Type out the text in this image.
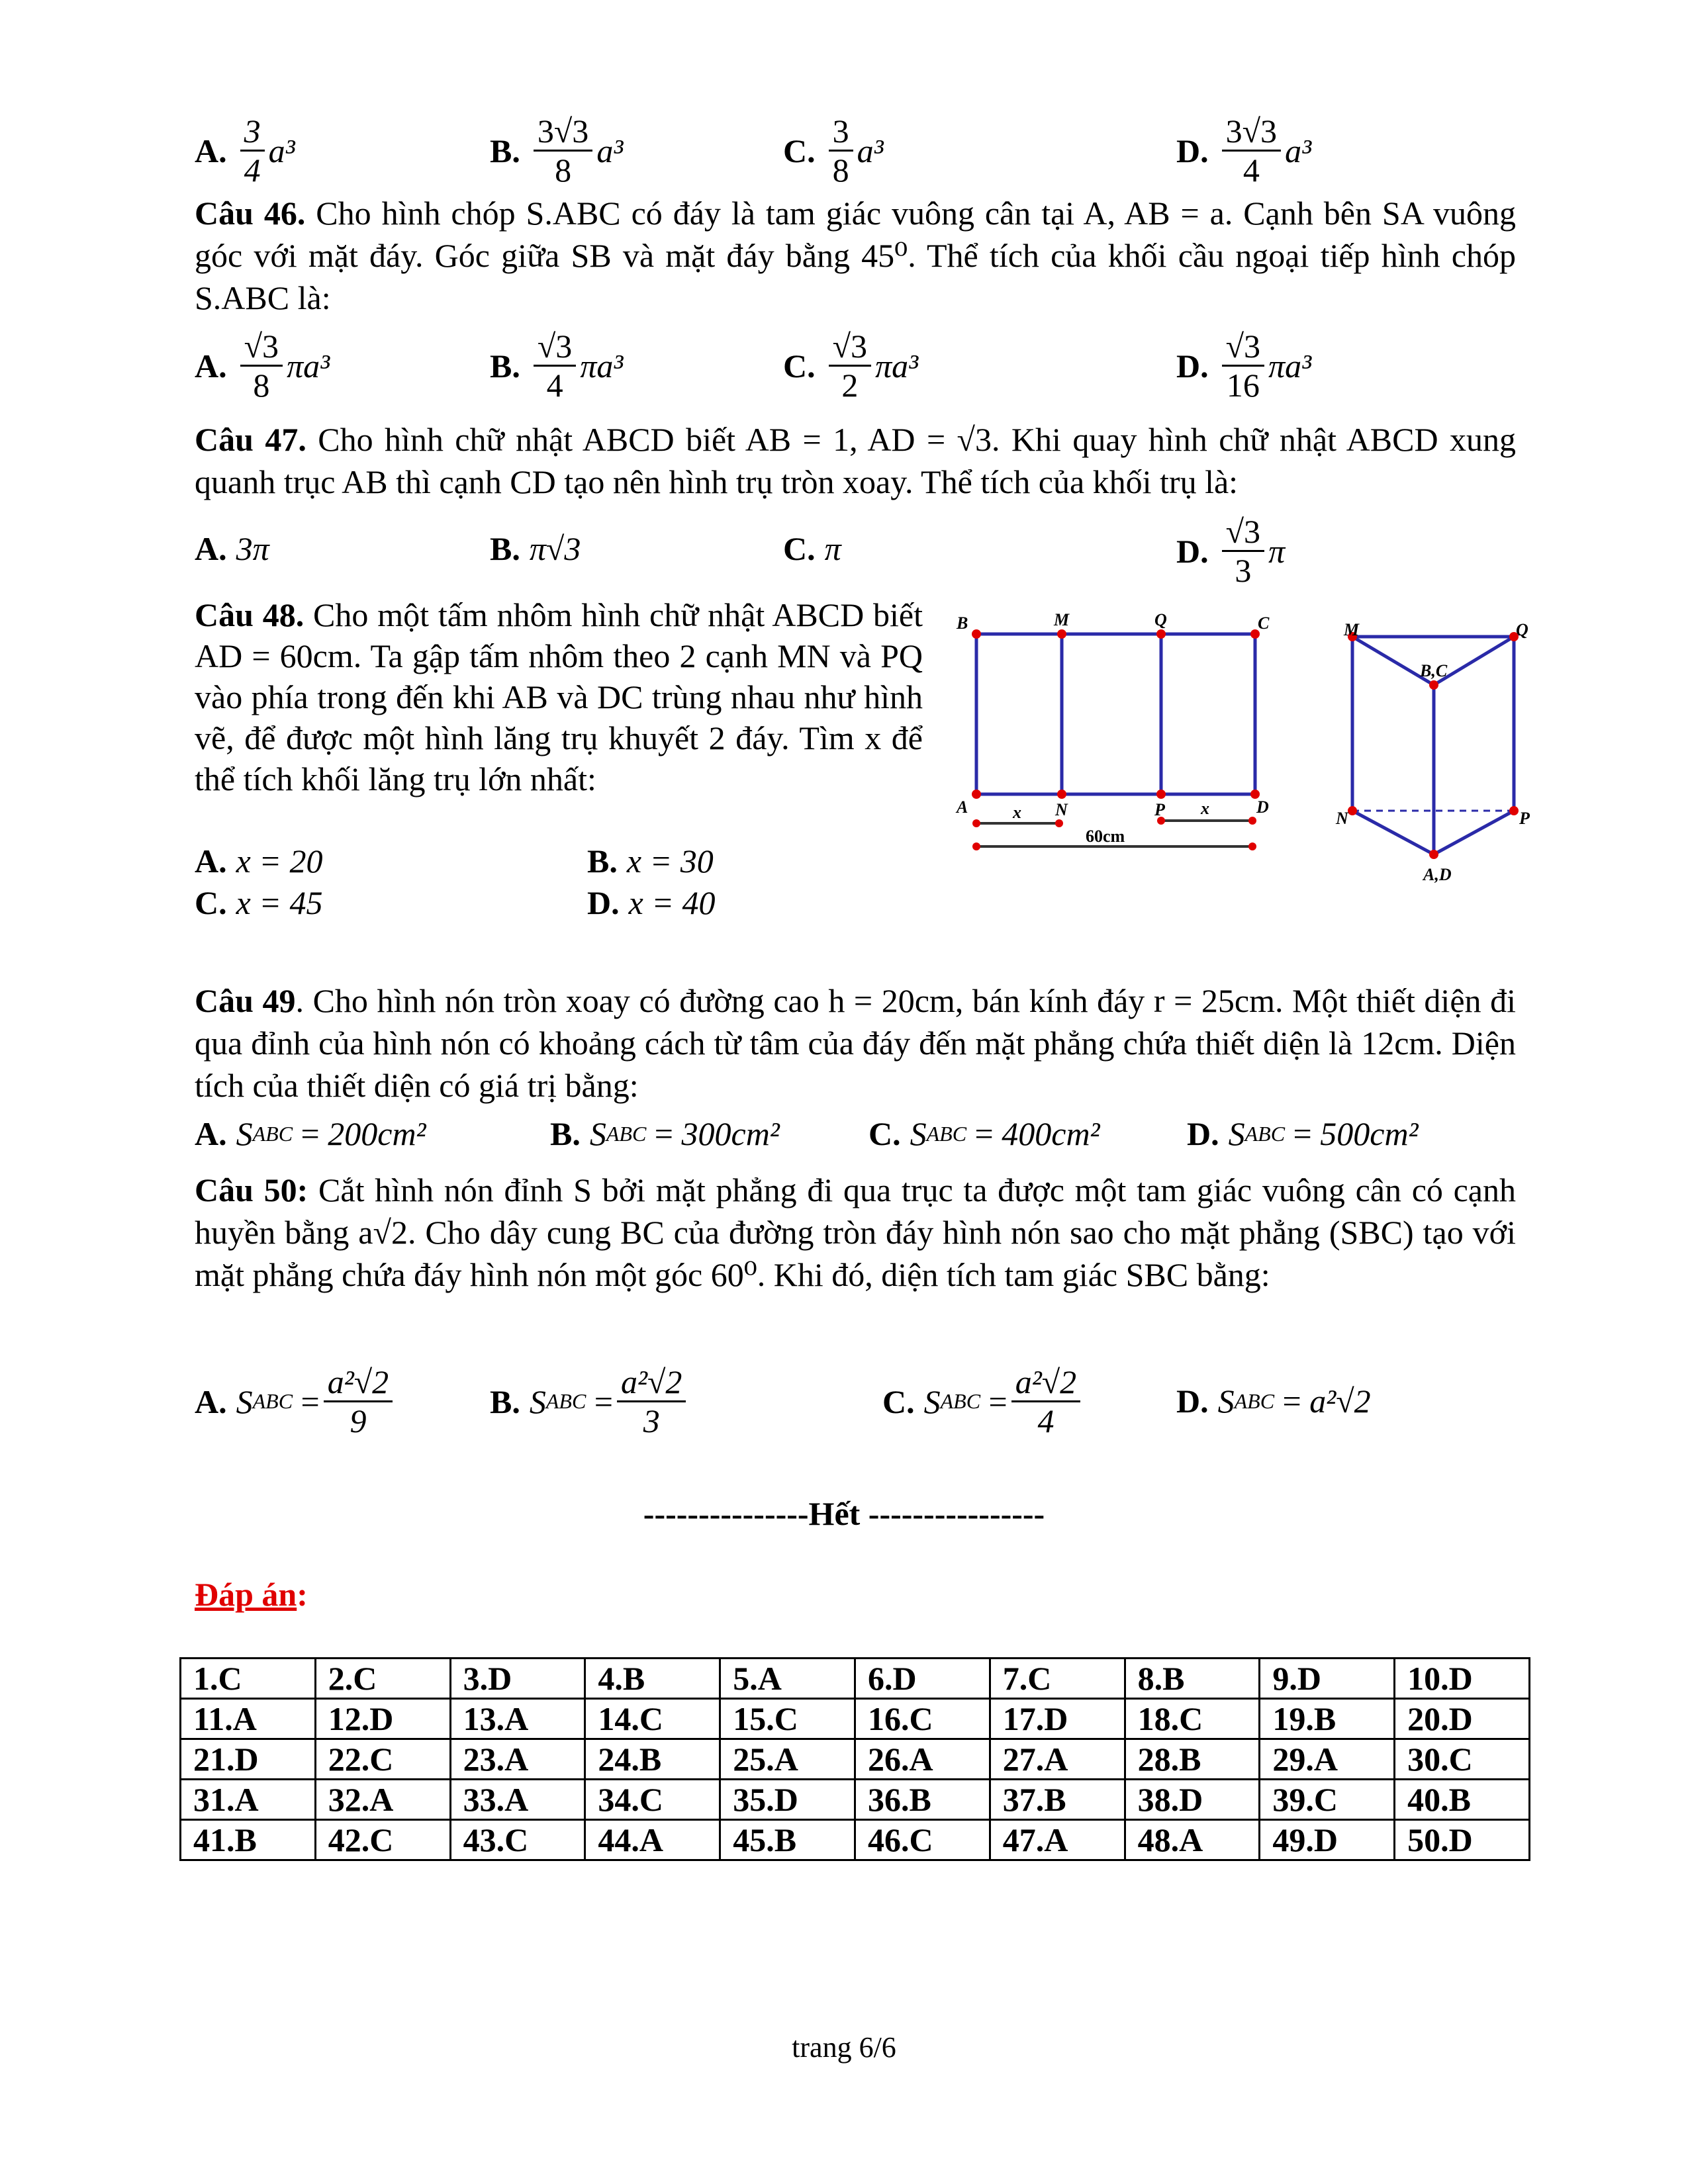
A. $\frac{3}{4} a^3$	B. $\frac{3√3}{8} a^3$	C. $\frac{3}{8} a^3$	D. $\frac{3√3}{4} a^3$
Câu 46. Cho hình chóp S.ABC có đáy là tam giác vuông cân tại A, AB = a. Cạnh bên SA vuông góc với mặt đáy. Góc giữa SB và mặt đáy bằng 45⁰. Thể tích của khối cầu ngoại tiếp hình chóp S.ABC là:
A. $\frac{√3}{8} \pi a^3$	B. $\frac{√3}{4} \pi a^3$	C. $\frac{√3}{2} \pi a^3$	D. $\frac{√3}{16} \pi a^3$
Câu 47. Cho hình chữ nhật ABCD biết AB = 1, AD = √3. Khi quay hình chữ nhật ABCD xung quanh trục AB thì cạnh CD tạo nên hình trụ tròn xoay. Thể tích của khối trụ là:
A. 3π	B. π√3	C. π	D. $\frac{√3}{3}$ π
Câu 48. Cho một tấm nhôm hình chữ nhật ABCD biết AD = 60cm. Ta gập tấm nhôm theo 2 cạnh MN và PQ vào phía trong đến khi AB và DC trùng nhau như hình vẽ, để được một hình lăng trụ khuyết 2 đáy. Tìm x để thể tích khối lăng trụ lớn nhất:
A. x = 20	B. x = 30
C. x = 45	D. x = 40
B	M	Q	C
A	N	P	D
x	x
60cm
M	Q
B,C
N	P
A,D
Câu 49. Cho hình nón tròn xoay có đường cao h = 20cm, bán kính đáy r = 25cm. Một thiết diện đi qua đỉnh của hình nón có khoảng cách từ tâm của đáy đến mặt phẳng chứa thiết diện là 12cm. Diện tích của thiết diện có giá trị bằng:
A. S ABC = 200cm²	B. S ABC = 300cm²	C. S ABC = 400cm²	D. S ABC = 500cm²
Câu 50: Cắt hình nón đỉnh S bởi mặt phẳng đi qua trục ta được một tam giác vuông cân có cạnh huyền bằng a√2. Cho dây cung BC của đường tròn đáy hình nón sao cho mặt phẳng (SBC) tạo với mặt phẳng chứa đáy hình nón một góc 60⁰. Khi đó, diện tích tam giác SBC bằng:
A. S ABC = $\frac{\text{a²√2}}{9}$	B. S ABC = $\frac{\text{a²√2}}{3}$	C. S ABC = $\frac{\text{a²√2}}{4}$	D. S ABC = a²√2
---------------Hết ----------------
Đáp án:
1.C	2.C	3.D	4.B	5.A	6.D	7.C	8.B	9.D	10.D
11.A	12.D	13.A	14.C	15.C	16.C	17.D	18.C	19.B	20.D
21.D	22.C	23.A	24.B	25.A	26.A	27.A	28.B	29.A	30.C
31.A	32.A	33.A	34.C	35.D	36.B	37.B	38.D	39.C	40.B
41.B	42.C	43.C	44.A	45.B	46.C	47.A	48.A	49.D	50.D
trang 6/6
